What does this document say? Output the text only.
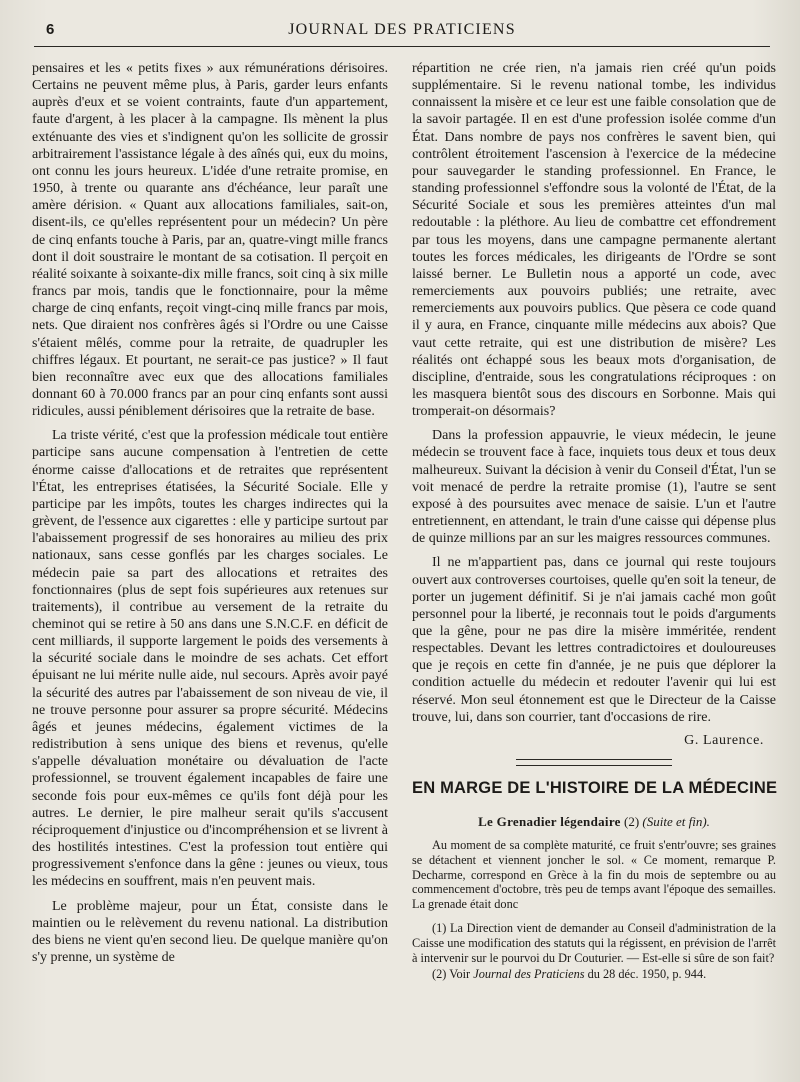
6	JOURNAL DES PRATICIENS

pensaires et les « petits fixes » aux rémunérations dérisoires. Certains ne peuvent même plus, à Paris, garder leurs enfants auprès d'eux et se voient contraints, faute d'un appartement, faute d'argent, à les placer à la campagne. Ils mènent la plus exténuante des vies et s'indignent qu'on les sollicite de grossir arbitrairement l'assistance légale à des aînés qui, eux du moins, ont connu les jours heureux. L'idée d'une retraite promise, en 1950, à trente ou quarante ans d'échéance, leur paraît une amère dérision. « Quant aux allocations familiales, sait-on, disent-ils, ce qu'elles représentent pour un médecin? Un père de cinq enfants touche à Paris, par an, quatre-vingt mille francs dont il doit soustraire le montant de sa cotisation. Il perçoit en réalité soixante à soixante-dix mille francs, soit cinq à six mille francs par mois, tandis que le fonctionnaire, pour la même charge de cinq enfants, reçoit vingt-cinq mille francs par mois, nets. Que diraient nos confrères âgés si l'Ordre ou une Caisse s'étaient mêlés, comme pour la retraite, de quadrupler les chiffres légaux. Et pourtant, ne serait-ce pas justice? » Il faut bien reconnaître avec eux que des allocations familiales donnant 60 à 70.000 francs par an pour cinq enfants sont aussi ridicules, aussi péniblement dérisoires que la retraite de base.

La triste vérité, c'est que la profession médicale tout entière participe sans aucune compensation à l'entretien de cette énorme caisse d'allocations et de retraites que représentent l'État, les entreprises étatisées, la Sécurité Sociale. Elle y participe par les impôts, toutes les charges indirectes qui la grèvent, de l'essence aux cigarettes : elle y participe surtout par l'abaissement progressif de ses honoraires au milieu des prix nationaux, sans cesse gonflés par les charges sociales. Le médecin paie sa part des allocations et retraites des fonctionnaires (plus de sept fois supérieures aux retenues sur traitements), il contribue au versement de la retraite du cheminot qui se retire à 50 ans dans une S.N.C.F. en déficit de cent milliards, il supporte largement le poids des versements à la sécurité sociale dans le moindre de ses achats. Cet effort épuisant ne lui mérite nulle aide, nul secours. Après avoir payé la sécurité des autres par l'abaissement de son niveau de vie, il ne trouve personne pour assurer sa propre sécurité. Médecins âgés et jeunes médecins, également victimes de la redistribution à sens unique des biens et revenus, qu'elle s'appelle dévaluation monétaire ou dévaluation de l'acte professionnel, se trouvent également incapables de faire une seconde fois pour eux-mêmes ce qu'ils font déjà pour les autres. Le dernier, le pire malheur serait qu'ils s'accusent réciproquement d'injustice ou d'incompréhension et se livrent à des hostilités intestines. C'est la profession tout entière qui progressivement s'enfonce dans la gêne : jeunes ou vieux, tous les médecins en souffrent, mais n'en peuvent mais.

Le problème majeur, pour un État, consiste dans le maintien ou le relèvement du revenu national. La distribution des biens ne vient qu'en second lieu. De quelque manière qu'on s'y prenne, un système de

répartition ne crée rien, n'a jamais rien créé qu'un poids supplémentaire. Si le revenu national tombe, les individus connaissent la misère et ce leur est une faible consolation que de la savoir partagée. Il en est d'une profession isolée comme d'un État. Dans nombre de pays nos confrères le savent bien, qui contrôlent étroitement l'ascension à l'exercice de la médecine pour sauvegarder le standing professionnel. En France, le standing professionnel s'effondre sous la volonté de l'État, de la Sécurité Sociale et sous les premières atteintes d'un mal redoutable : la pléthore. Au lieu de combattre cet effondrement par tous les moyens, dans une campagne permanente alertant toutes les forces médicales, les dirigeants de l'Ordre se sont laissé berner. Le Bulletin nous a apporté un code, avec remerciements aux pouvoirs publiés; une retraite, avec remerciements aux pouvoirs publics. Que pèsera ce code quand il y aura, en France, cinquante mille médecins aux abois? Que vaut cette retraite, qui est une distribution de misère? Les réalités ont échappé sous les beaux mots d'organisation, de discipline, d'entraide, sous les congratulations réciproques : on les masquera bientôt sous des discours en Sorbonne. Mais qui tromperait-on désormais?

Dans la profession appauvrie, le vieux médecin, le jeune médecin se trouvent face à face, inquiets tous deux et tous deux malheureux. Suivant la décision à venir du Conseil d'État, l'un se voit menacé de perdre la retraite promise (1), l'autre se sent exposé à des poursuites avec menace de saisie. L'un et l'autre entretiennent, en attendant, le train d'une caisse qui dépense plus de quinze millions par an sur les maigres ressources communes.

Il ne m'appartient pas, dans ce journal qui reste toujours ouvert aux controverses courtoises, quelle qu'en soit la teneur, de porter un jugement définitif. Si je n'ai jamais caché mon goût personnel pour la liberté, je reconnais tout le poids d'arguments que la gêne, pour ne pas dire la misère imméritée, rendent respectables. Devant les lettres contradictoires et douloureuses que je reçois en cette fin d'année, je ne puis que déplorer la condition actuelle du médecin et redouter l'avenir qui lui est réservé. Mon seul étonnement est que le Directeur de la Caisse trouve, lui, dans son courrier, tant d'occasions de rire.

G. Laurence.
EN MARGE DE L'HISTOIRE DE LA MÉDECINE
Le Grenadier légendaire (2) (Suite et fin).

Au moment de sa complète maturité, ce fruit s'entr'ouvre; ses graines se détachent et viennent joncher le sol. « Ce moment, remarque P. Decharme, correspond en Grèce à la fin du mois de septembre ou au commencement d'octobre, très peu de temps avant l'époque des semailles. La grenade était donc

(1) La Direction vient de demander au Conseil d'administration de la Caisse une modification des statuts qui la régissent, en prévision de l'arrêt à intervenir sur le pourvoi du Dr Couturier. — Est-elle si sûre de son fait?

(2) Voir Journal des Praticiens du 28 déc. 1950, p. 944.
